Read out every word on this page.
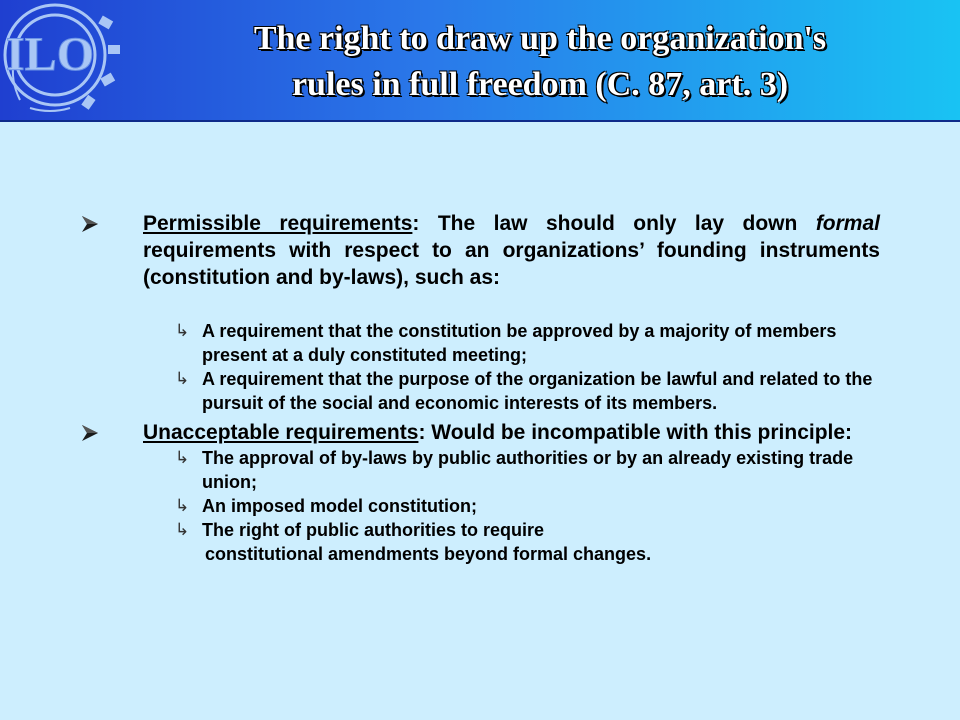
ILO	The right to draw up the organization's
rules in full freedom (C. 87, art. 3)
Permissible requirements: The law should only lay down formal requirements with respect to an organizations’ founding instruments (constitution and by-laws), such as:
↳ A requirement that the constitution be approved by a majority of members present at a duly constituted meeting;
↳ A requirement that the purpose of the organization be lawful and related to the pursuit of the social and economic interests of its members.
Unacceptable requirements: Would be incompatible with this principle:
↳ The approval of by-laws by public authorities or by an already existing trade union;
↳ An imposed model constitution;
↳ The right of public authorities to require
constitutional amendments beyond formal changes.
